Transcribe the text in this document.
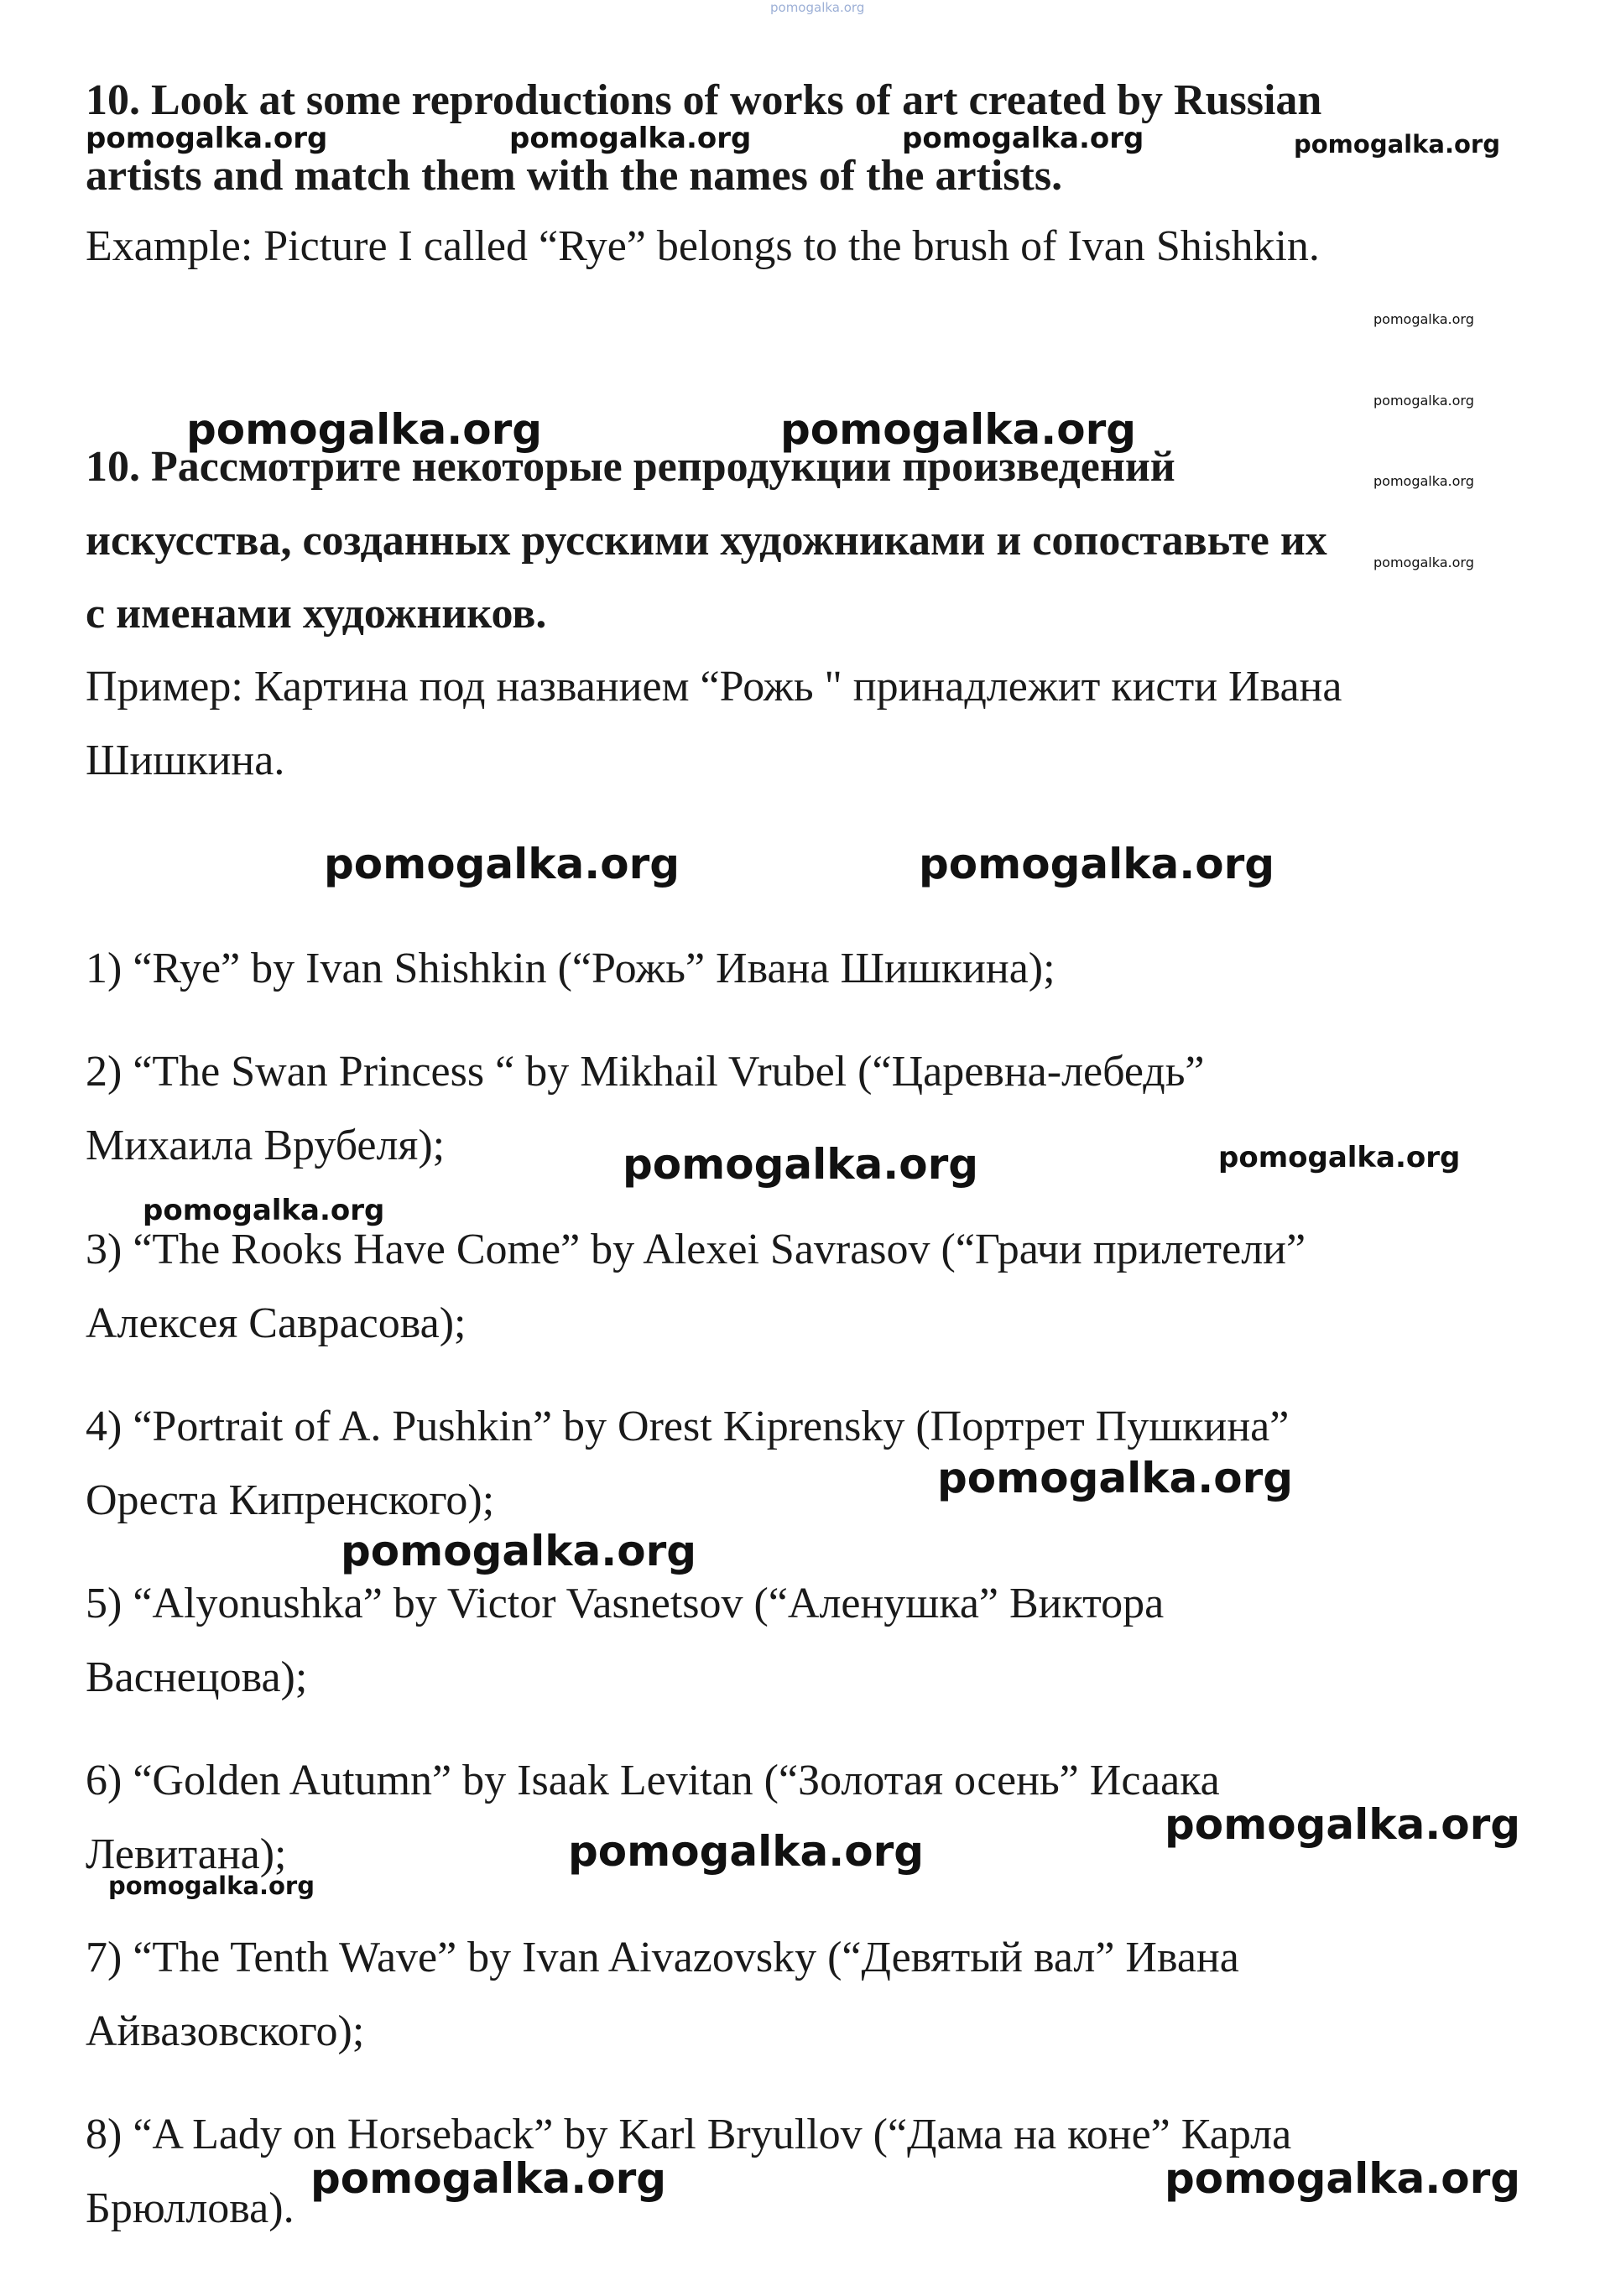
10. Look at some reproductions of works of art created by Russian
artists and match them with the names of the artists.
Example: Picture I called “Rye” belongs to the brush of Ivan Shishkin.
10. Рассмотрите некоторые репродукции произведений
искусства, созданных русскими художниками и сопоставьте их
с именами художников.
Пример: Картина под названием “Рожь " принадлежит кисти Ивана
Шишкина.
1) “Rye” by Ivan Shishkin (“Рожь” Ивана Шишкина);
2) “The Swan Princess “ by Mikhail Vrubel (“Царевна-лебедь”
Михаила Врубеля);
3) “The Rooks Have Come” by Alexei Savrasov (“Грачи прилетели”
Алексея Саврасова);
4) “Portrait of A. Pushkin” by Orest Kiprensky (Портрет Пушкина”
Ореста Кипренского);
5) “Alyonushka” by Victor Vasnetsov (“Аленушка” Виктора
Васнецова);
6) “Golden Autumn” by Isaak Levitan (“Золотая осень” Исаака
Левитана);
7) “The Tenth Wave” by Ivan Aivazovsky (“Девятый вал” Ивана
Айвазовского);
8) “A Lady on Horseback” by Karl Bryullov (“Дама на коне” Карла
Брюллова).
pomogalka.org
pomogalka.org	pomogalka.org	pomogalka.org	pomogalka.org
pomogalka.org
pomogalka.org
pomogalka.org
pomogalka.org
pomogalka.org	pomogalka.org
pomogalka.org	pomogalka.org
pomogalka.org	pomogalka.org
pomogalka.org
pomogalka.org
pomogalka.org
pomogalka.org
pomogalka.org
pomogalka.org
pomogalka.org	pomogalka.org
